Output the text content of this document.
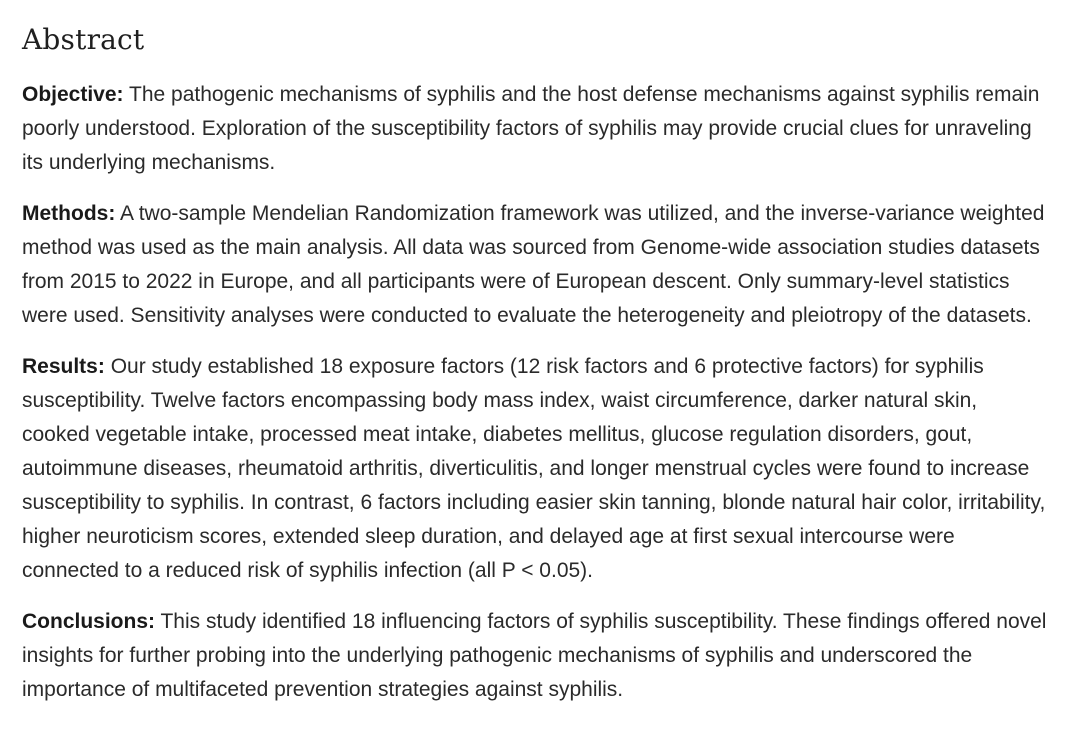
Abstract

Objective: The pathogenic mechanisms of syphilis and the host defense mechanisms against syphilis remain poorly understood. Exploration of the susceptibility factors of syphilis may provide crucial clues for unraveling its underlying mechanisms.

Methods: A two-sample Mendelian Randomization framework was utilized, and the inverse-variance weighted method was used as the main analysis. All data was sourced from Genome-wide association studies datasets from 2015 to 2022 in Europe, and all participants were of European descent. Only summary-level statistics were used. Sensitivity analyses were conducted to evaluate the heterogeneity and pleiotropy of the datasets.

Results: Our study established 18 exposure factors (12 risk factors and 6 protective factors) for syphilis susceptibility. Twelve factors encompassing body mass index, waist circumference, darker natural skin, cooked vegetable intake, processed meat intake, diabetes mellitus, glucose regulation disorders, gout, autoimmune diseases, rheumatoid arthritis, diverticulitis, and longer menstrual cycles were found to increase susceptibility to syphilis. In contrast, 6 factors including easier skin tanning, blonde natural hair color, irritability, higher neuroticism scores, extended sleep duration, and delayed age at first sexual intercourse were connected to a reduced risk of syphilis infection (all P < 0.05).

Conclusions: This study identified 18 influencing factors of syphilis susceptibility. These findings offered novel insights for further probing into the underlying pathogenic mechanisms of syphilis and underscored the importance of multifaceted prevention strategies against syphilis.
